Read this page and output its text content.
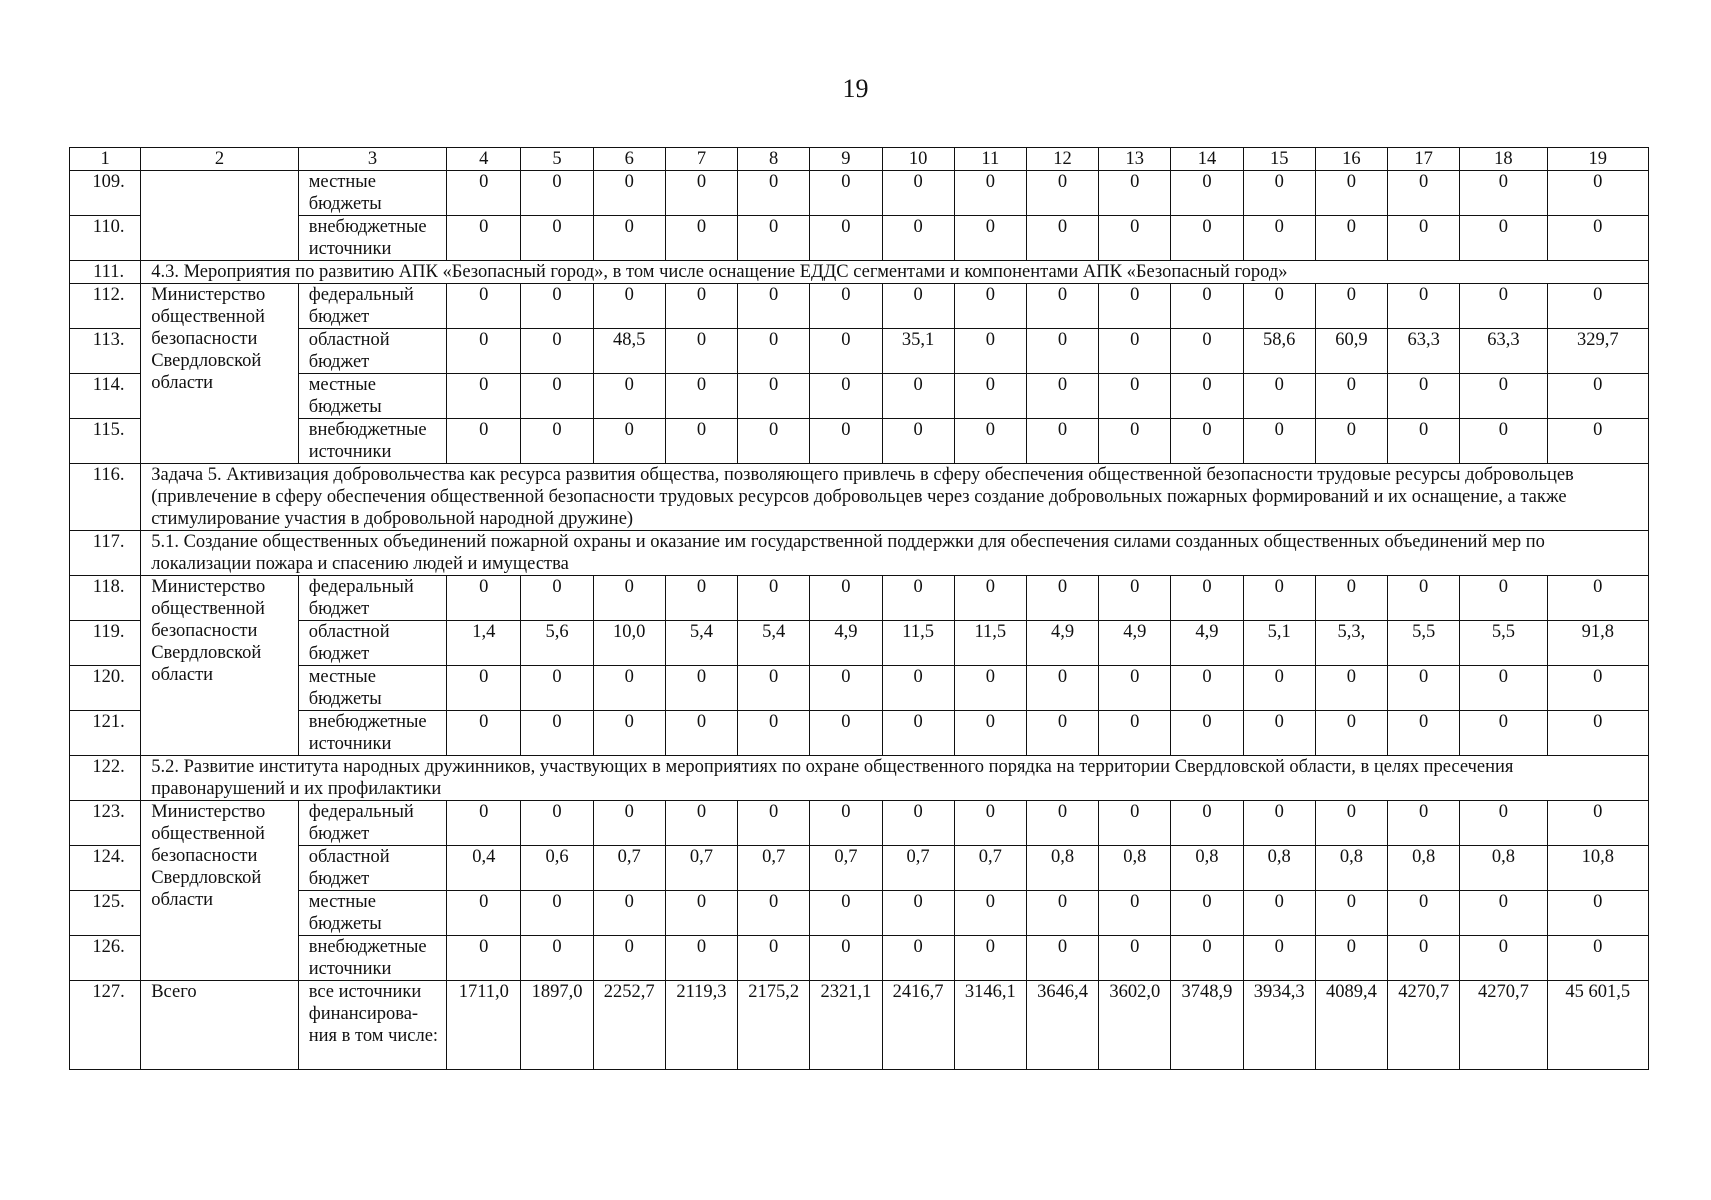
19
1	2	3	4	5	6	7	8	9	10	11	12	13	14	15	16	17	18	19
109.		местные бюджеты	0	0	0	0	0	0	0	0	0	0	0	0	0	0	0	0
110.		внебюджетные источники	0	0	0	0	0	0	0	0	0	0	0	0	0	0	0	0
111.	4.3. Мероприятия по развитию АПК «Безопасный город», в том числе оснащение ЕДДС сегментами и компонентами АПК «Безопасный город»																	
112.	Министерство общественной безопасности Свердловской области	федеральный бюджет	0	0	0	0	0	0	0	0	0	0	0	0	0	0	0	0
113.		областной бюджет	0	0	48,5	0	0	0	35,1	0	0	0	0	58,6	60,9	63,3	63,3	329,7
114.		местные бюджеты	0	0	0	0	0	0	0	0	0	0	0	0	0	0	0	0
115.		внебюджетные источники	0	0	0	0	0	0	0	0	0	0	0	0	0	0	0	0
116.	Задача 5. Активизация добровольчества как ресурса развития общества, позволяющего привлечь в сферу обеспечения общественной безопасности трудовые ресурсы добровольцев (привлечение в сферу обеспечения общественной безопасности трудовых ресурсов добровольцев через создание добровольных пожарных формирований и их оснащение, а также стимулирование участия в добровольной народной дружине)																	
117.	5.1. Создание общественных объединений пожарной охраны и оказание им государственной поддержки для обеспечения силами созданных общественных объединений мер по локализации пожара и спасению людей и имущества																	
118.	Министерство общественной безопасности Свердловской области	федеральный бюджет	0	0	0	0	0	0	0	0	0	0	0	0	0	0	0	0
119.		областной бюджет	1,4	5,6	10,0	5,4	5,4	4,9	11,5	11,5	4,9	4,9	4,9	5,1	5,3,	5,5	5,5	91,8
120.		местные бюджеты	0	0	0	0	0	0	0	0	0	0	0	0	0	0	0	0
121.		внебюджетные источники	0	0	0	0	0	0	0	0	0	0	0	0	0	0	0	0
122.	5.2. Развитие института народных дружинников, участвующих в мероприятиях по охране общественного порядка на территории Свердловской области, в целях пресечения правонарушений и их профилактики																	
123.	Министерство общественной безопасности Свердловской области	федеральный бюджет	0	0	0	0	0	0	0	0	0	0	0	0	0	0	0	0
124.		областной бюджет	0,4	0,6	0,7	0,7	0,7	0,7	0,7	0,7	0,8	0,8	0,8	0,8	0,8	0,8	0,8	10,8
125.		местные бюджеты	0	0	0	0	0	0	0	0	0	0	0	0	0	0	0	0
126.		внебюджетные источники	0	0	0	0	0	0	0	0	0	0	0	0	0	0	0	0
127.	Всего	все источники финансирова-ния в том числе:	1711,0	1897,0	2252,7	2119,3	2175,2	2321,1	2416,7	3146,1	3646,4	3602,0	3748,9	3934,3	4089,4	4270,7	4270,7	45 601,5
